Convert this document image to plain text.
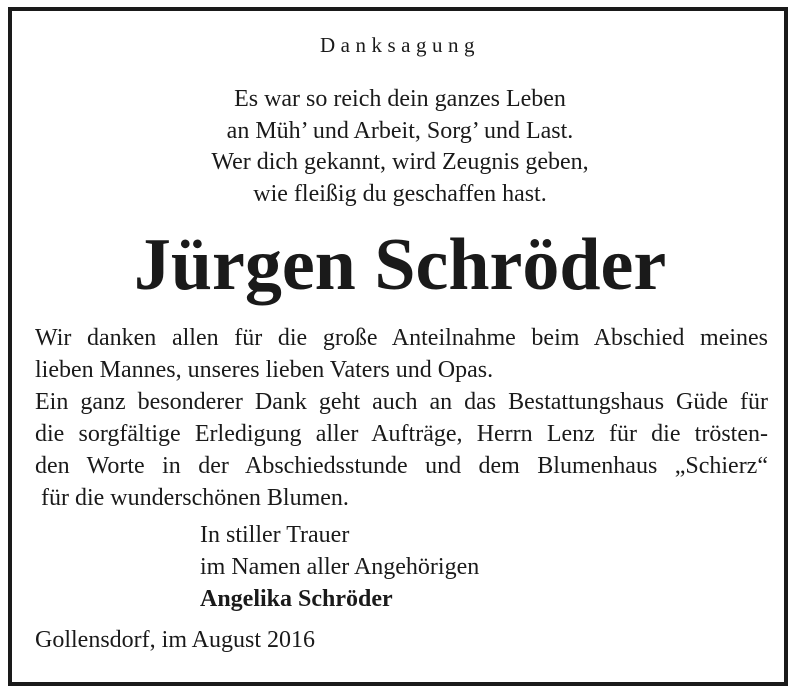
Danksagung
Es war so reich dein ganzes Leben
an Müh’ und Arbeit, Sorg’ und Last.
Wer dich gekannt, wird Zeugnis geben,
wie fleißig du geschaffen hast.
Jürgen Schröder
Wir danken allen für die große Anteilnahme beim Abschied meines
lieben Mannes, unseres lieben Vaters und Opas.
Ein ganz besonderer Dank geht auch an das Bestattungshaus Güde für
die sorgfältige Erledigung aller Aufträge, Herrn Lenz für die trösten-
den Worte in der Abschiedsstunde und dem Blumenhaus „Schierz“
für die wunderschönen Blumen.
In stiller Trauer
im Namen aller Angehörigen
Angelika Schröder
Gollensdorf, im August 2016
